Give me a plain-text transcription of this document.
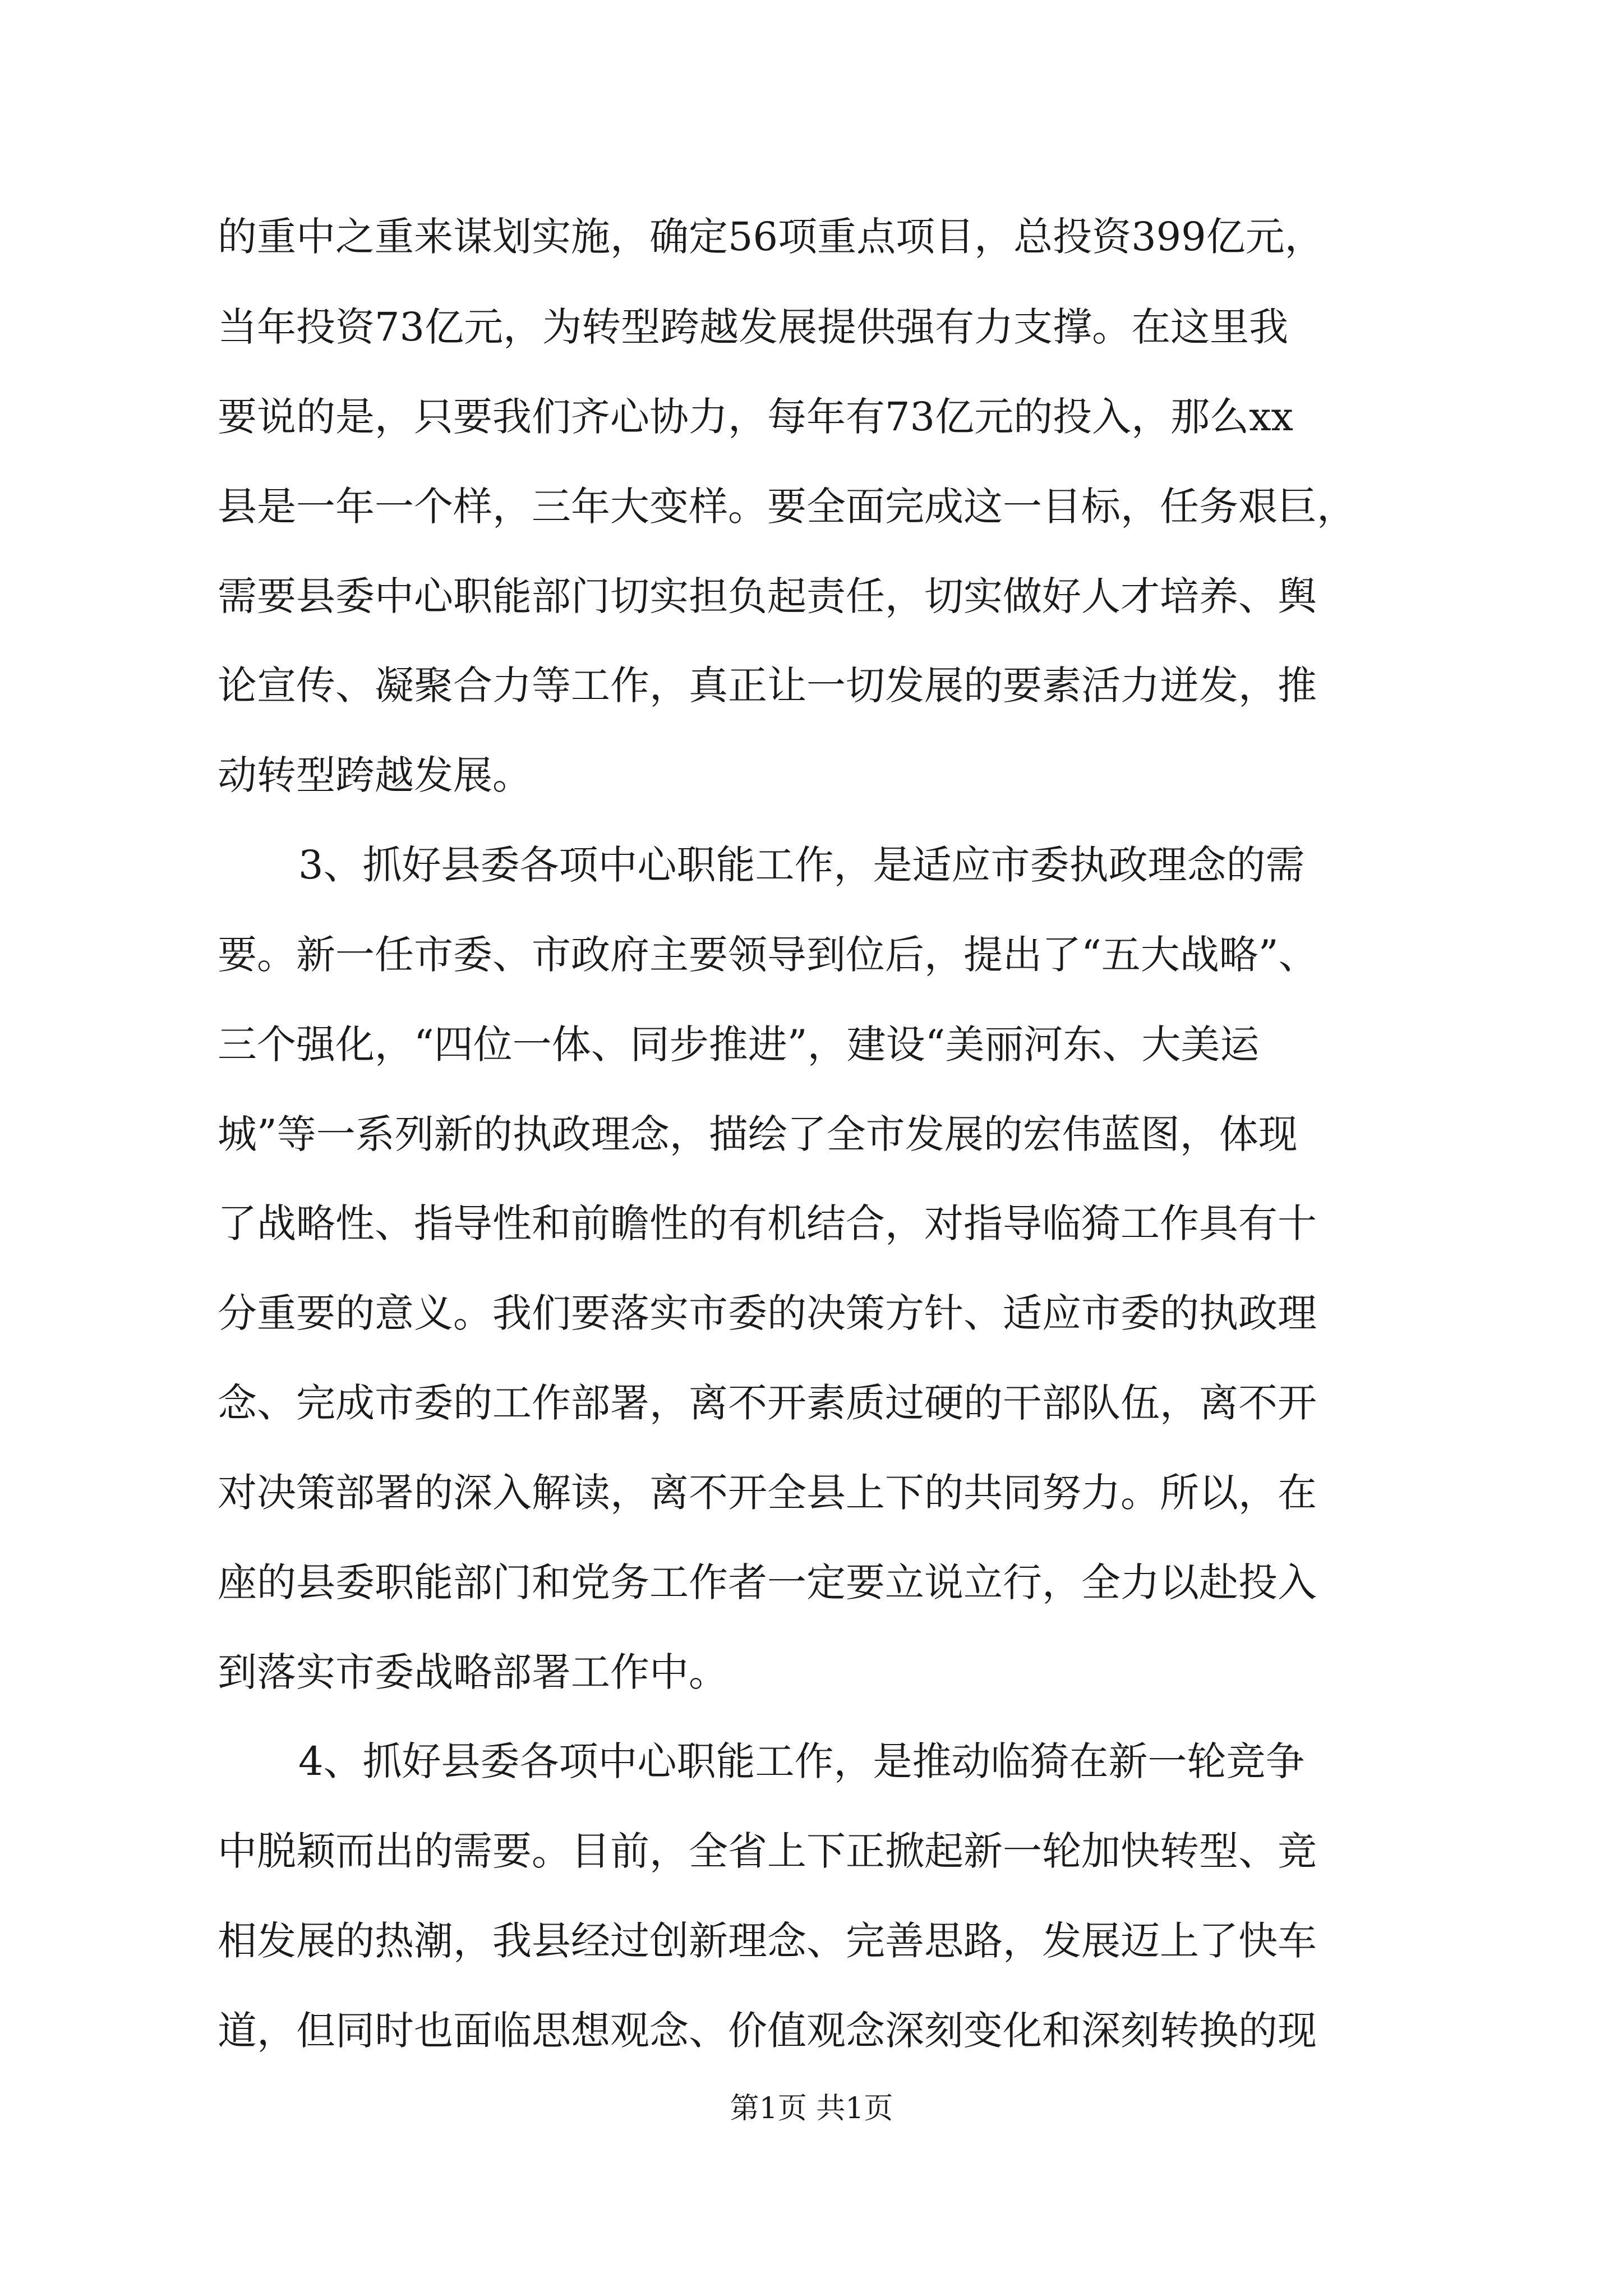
的重中之重来谋划实施，确定56项重点项目，总投资399亿元，
当年投资73亿元，为转型跨越发展提供强有力支撑。在这里我
要说的是，只要我们齐心协力，每年有73亿元的投入，那么xx
县是一年一个样，三年大变样。要全面完成这一目标，任务艰巨，
需要县委中心职能部门切实担负起责任，切实做好人才培养、舆
论宣传、凝聚合力等工作，真正让一切发展的要素活力迸发，推
动转型跨越发展。
3、抓好县委各项中心职能工作，是适应市委执政理念的需
要。新一任市委、市政府主要领导到位后，提出了“五大战略”、
三个强化，“四位一体、同步推进”，建设“美丽河东、大美运
城”等一系列新的执政理念，描绘了全市发展的宏伟蓝图，体现
了战略性、指导性和前瞻性的有机结合，对指导临猗工作具有十
分重要的意义。我们要落实市委的决策方针、适应市委的执政理
念、完成市委的工作部署，离不开素质过硬的干部队伍，离不开
对决策部署的深入解读，离不开全县上下的共同努力。所以，在
座的县委职能部门和党务工作者一定要立说立行，全力以赴投入
到落实市委战略部署工作中。
4、抓好县委各项中心职能工作，是推动临猗在新一轮竞争
中脱颖而出的需要。目前，全省上下正掀起新一轮加快转型、竞
相发展的热潮，我县经过创新理念、完善思路，发展迈上了快车
道，但同时也面临思想观念、价值观念深刻变化和深刻转换的现
第1页 共1页
